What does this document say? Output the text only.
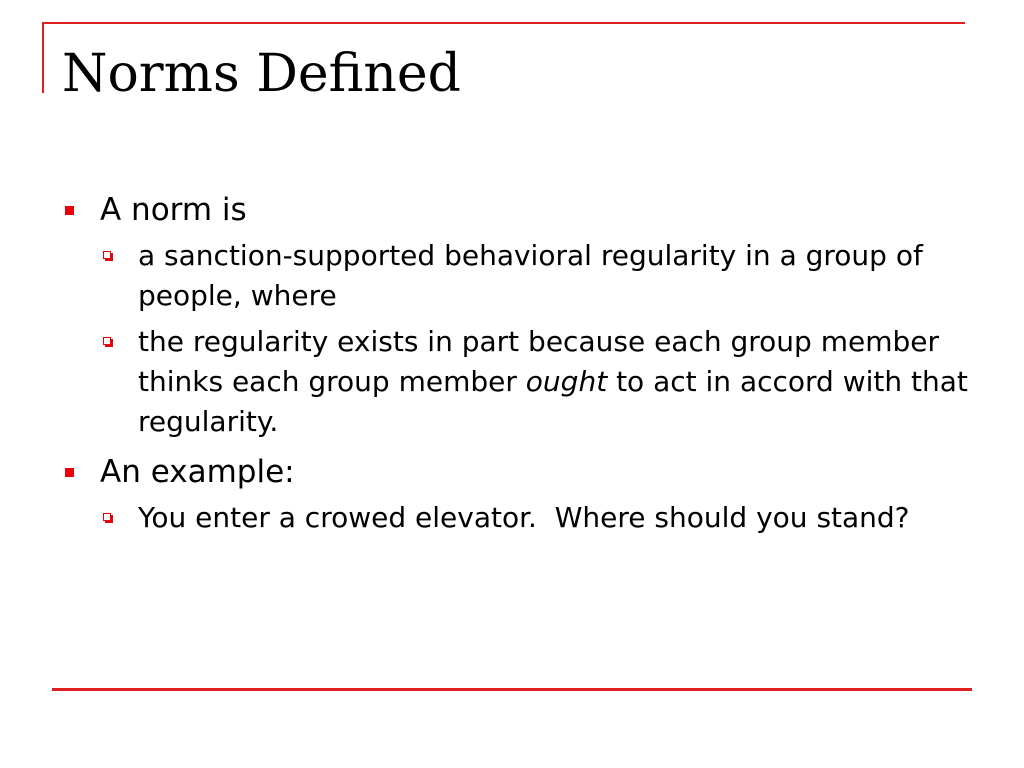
Norms Defined
A norm is
a sanction-supported behavioral regularity in a group of people, where
the regularity exists in part because each group member thinks each group member ought to act in accord with that regularity.
An example:
You enter a crowed elevator.  Where should you stand?
